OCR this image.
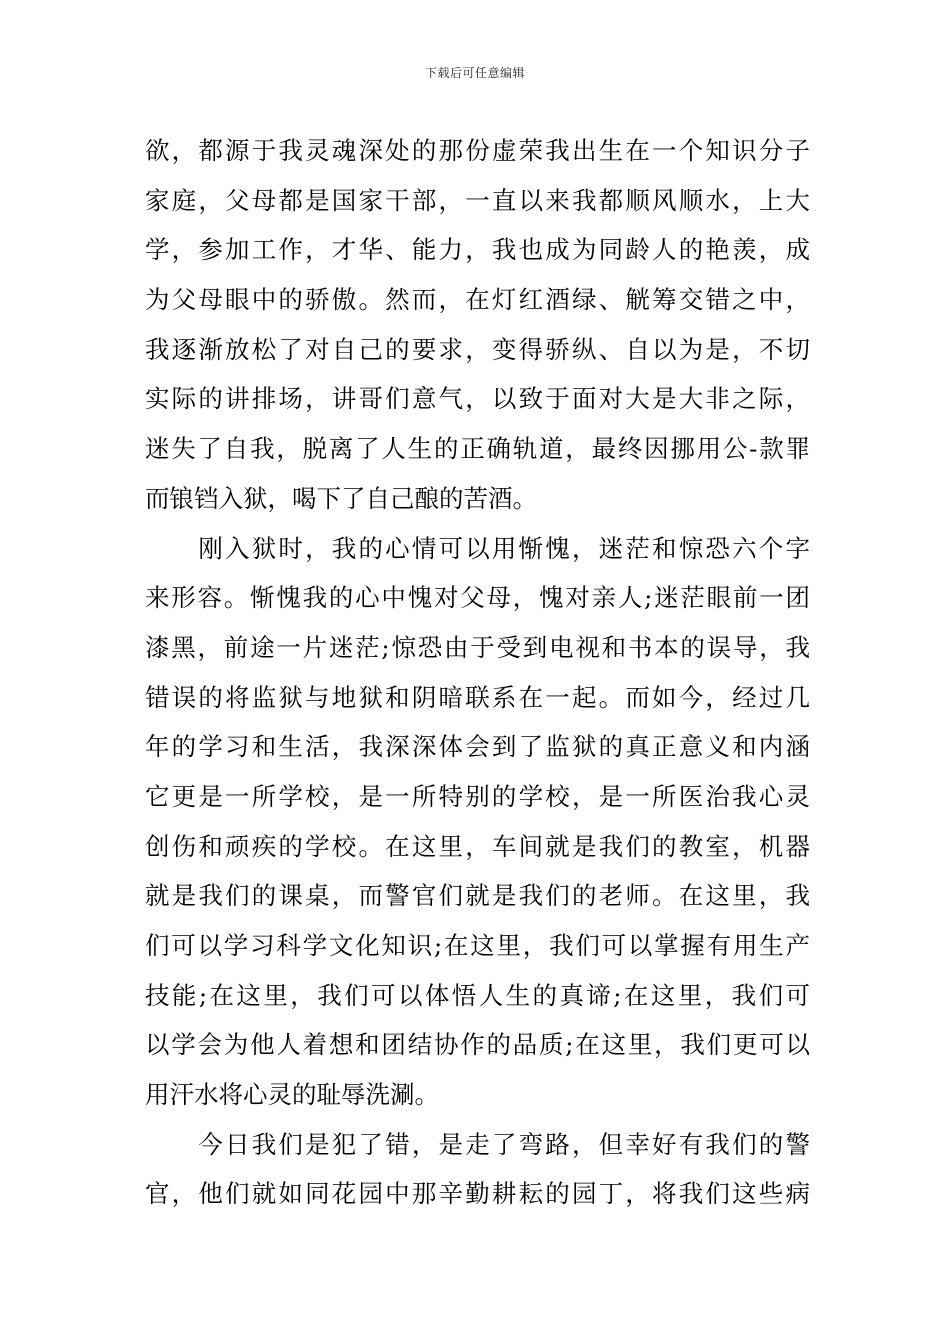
下载后可任意编辑
欲，都源于我灵魂深处的那份虚荣我出生在一个知识分子
家庭，父母都是国家干部，一直以来我都顺风顺水，上大
学，参加工作，才华、能力，我也成为同龄人的艳羡，成
为父母眼中的骄傲。然而，在灯红酒绿、觥筹交错之中，
我逐渐放松了对自己的要求，变得骄纵、自以为是，不切
实际的讲排场，讲哥们意气，以致于面对大是大非之际，
迷失了自我，脱离了人生的正确轨道，最终因挪用公-款罪
而锒铛入狱，喝下了自己酿的苦酒。
　　刚入狱时，我的心情可以用惭愧，迷茫和惊恐六个字
来形容。惭愧我的心中愧对父母，愧对亲人;迷茫眼前一团
漆黑，前途一片迷茫;惊恐由于受到电视和书本的误导，我
错误的将监狱与地狱和阴暗联系在一起。而如今，经过几
年的学习和生活，我深深体会到了监狱的真正意义和内涵
它更是一所学校，是一所特别的学校，是一所医治我心灵
创伤和顽疾的学校。在这里，车间就是我们的教室，机器
就是我们的课桌，而警官们就是我们的老师。在这里，我
们可以学习科学文化知识;在这里，我们可以掌握有用生产
技能;在这里，我们可以体悟人生的真谛;在这里，我们可
以学会为他人着想和团结协作的品质;在这里，我们更可以
用汗水将心灵的耻辱洗涮。
　　今日我们是犯了错，是走了弯路，但幸好有我们的警
官，他们就如同花园中那辛勤耕耘的园丁，将我们这些病
